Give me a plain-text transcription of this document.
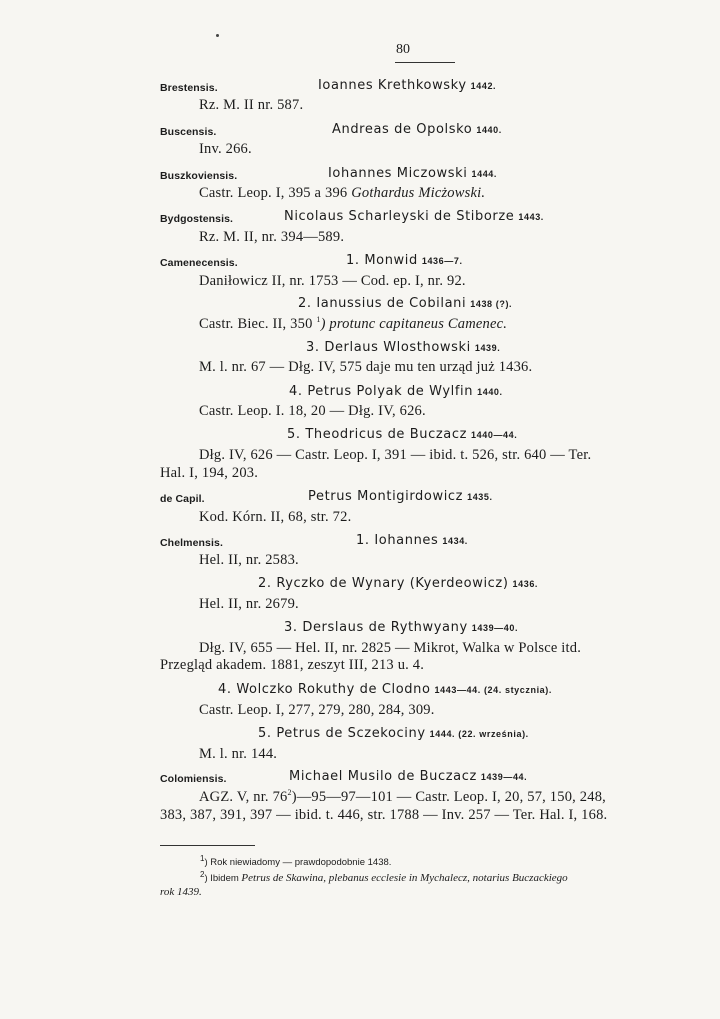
80
Brestensis.	Ioannes Krethkowsky 1442.
Rz. M. II nr. 587.
Buscensis.	Andreas de Opolsko 1440.
Inv. 266.
Buszkoviensis.	Iohannes Miczowski 1444.
Castr. Leop. I, 395 a 396 Gothardus Micżowski.
Bydgostensis.	Nicolaus Scharleyski de Stiborze 1443.
Rz. M. II, nr. 394—589.
Camenecensis.	1. Monwid 1436—7.
Daniłowicz II, nr. 1753 — Cod. ep. I, nr. 92.
2. Ianussius de Cobilani 1438 (?).
Castr. Biec. II, 350 $^1$) protunc capitaneus Camenec.
3. Derlaus Wlosthowski 1439.
M. l. nr. 67 — Dłg. IV, 575 daje mu ten urząd już 1436.
4. Petrus Polyak de Wylfin 1440.
Castr. Leop. I. 18, 20 — Dłg. IV, 626.
5. Theodricus de Buczacz 1440—44.
Dłg. IV, 626 — Castr. Leop. I, 391 — ibid. t. 526, str. 640 — Ter.
Hal. I, 194, 203.
de Capil.	Petrus Montigirdowicz 1435.
Kod. Kórn. II, 68, str. 72.
Chelmensis.	1. Iohannes 1434.
Hel. II, nr. 2583.
2. Ryczko de Wynary (Kyerdeowicz) 1436.
Hel. II, nr. 2679.
3. Derslaus de Rythwyany 1439—40.
Dłg. IV, 655 — Hel. II, nr. 2825 — Mikrot, Walka w Polsce itd.
Przegląd akadem. 1881, zeszyt III, 213 u. 4.
4. Wolczko Rokuthy de Clodno 1443—44. (24. stycznia).
Castr. Leop. I, 277, 279, 280, 284, 309.
5. Petrus de Sczekociny 1444. (22. września).
M. l. nr. 144.
Colomiensis.	Michael Musilo de Buczacz 1439—44.
AGZ. V, nr. $76^2)—95—97—101$ — Castr. Leop. I, 20, 57, 150, 248,
383, 387, 391, 397 — ibid. t. 446, str. 1788 — Inv. 257 — Ter. Hal. I, 168.
$^1$) Rok niewiadomy — prawdopodobnie 1438.
$^2$) Ibidem Petrus de Skawina, plebanus ecclesie in Mychalecz, notarius Buczackiego
rok 1439.
